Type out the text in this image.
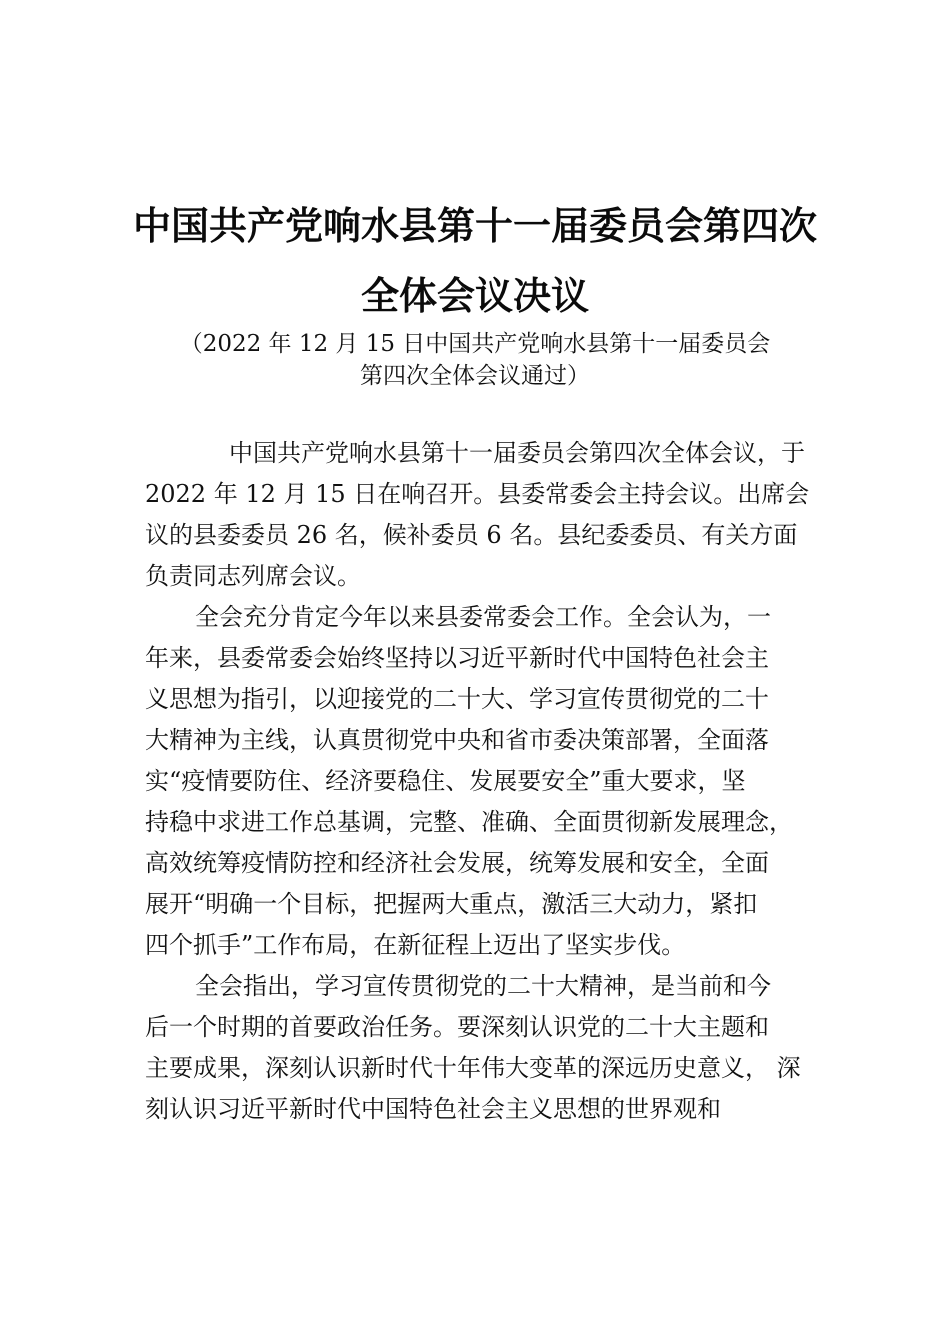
中国共产党响水县第十一届委员会第四次
全体会议决议
（2022 年 12 月 15 日中国共产党响水县第十一届委员会
第四次全体会议通过）
中国共产党响水县第十一届委员会第四次全体会议，于
2022 年 12 月 15 日在响召开。县委常委会主持会议。出席会
议的县委委员 26 名，候补委员 6 名。县纪委委员、有关方面
负责同志列席会议。
全会充分肯定今年以来县委常委会工作。全会认为，一
年来，县委常委会始终坚持以习近平新时代中国特色社会主
义思想为指引，以迎接党的二十大、学习宣传贯彻党的二十
大精神为主线，认真贯彻党中央和省市委决策部署，全面落
实“疫情要防住、经济要稳住、发展要安全”重大要求，坚
持稳中求进工作总基调，完整、准确、全面贯彻新发展理念，
高效统筹疫情防控和经济社会发展，统筹发展和安全，全面
展开“明确一个目标，把握两大重点，激活三大动力，紧扣
四个抓手”工作布局，在新征程上迈出了坚实步伐。
全会指出，学习宣传贯彻党的二十大精神，是当前和今
后一个时期的首要政治任务。要深刻认识党的二十大主题和
主要成果，深刻认识新时代十年伟大变革的深远历史意义， 深
刻认识习近平新时代中国特色社会主义思想的世界观和
